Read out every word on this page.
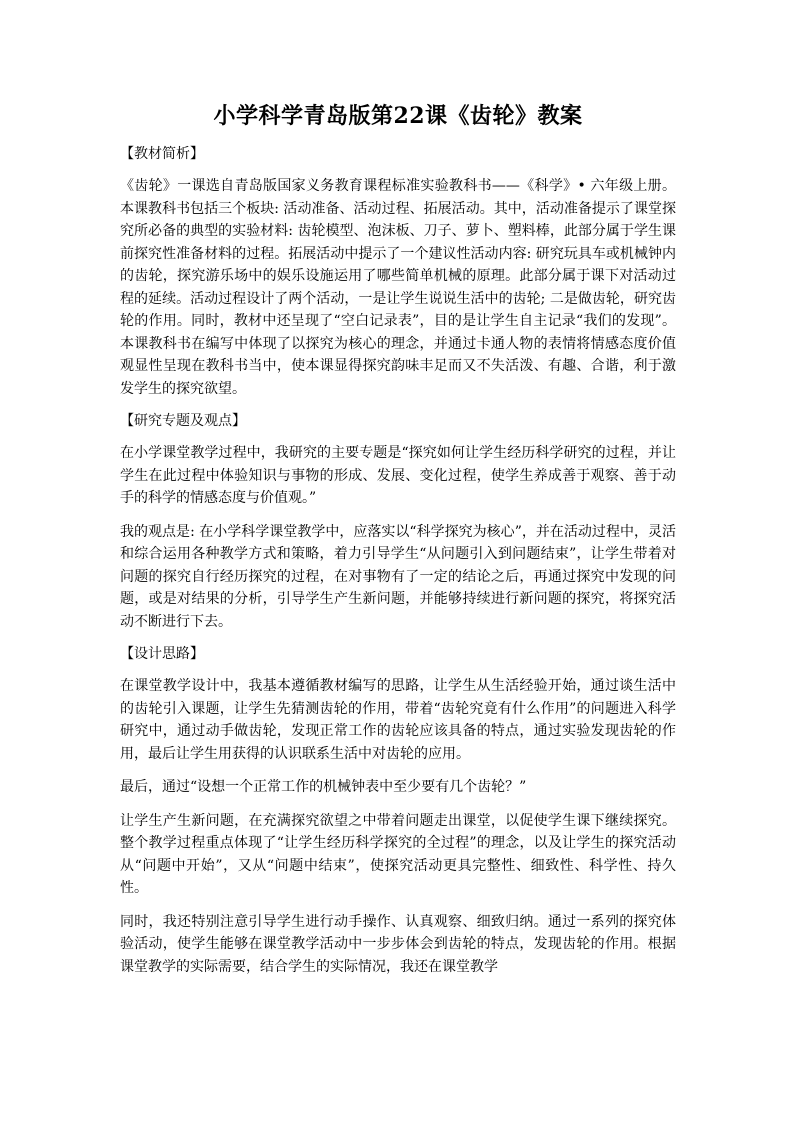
小学科学青岛版第22课《齿轮》教案
【教材简析】

《齿轮》一课选自青岛版国家义务教育课程标准实验教科书——《科学》• 六年级上册。本课教科书包括三个板块: 活动准备、活动过程、拓展活动。其中，活动准备提示了课堂探究所必备的典型的实验材料: 齿轮模型、泡沫板、刀子、萝卜、塑料棒，此部分属于学生课前探究性准备材料的过程。拓展活动中提示了一个建议性活动内容: 研究玩具车或机械钟内的齿轮，探究游乐场中的娱乐设施运用了哪些简单机械的原理。此部分属于课下对活动过程的延续。活动过程设计了两个活动，一是让学生说说生活中的齿轮; 二是做齿轮，研究齿轮的作用。同时，教材中还呈现了“空白记录表”，目的是让学生自主记录“我们的发现”。本课教科书在编写中体现了以探究为核心的理念，并通过卡通人物的表情将情感态度价值观显性呈现在教科书当中，使本课显得探究韵味丰足而又不失活泼、有趣、合谐，利于激发学生的探究欲望。

【研究专题及观点】

在小学课堂教学过程中，我研究的主要专题是“探究如何让学生经历科学研究的过程，并让学生在此过程中体验知识与事物的形成、发展、变化过程，使学生养成善于观察、善于动手的科学的情感态度与价值观。”

我的观点是: 在小学科学课堂教学中，应落实以“科学探究为核心”，并在活动过程中，灵活和综合运用各种教学方式和策略，着力引导学生“从问题引入到问题结束”，让学生带着对问题的探究自行经历探究的过程，在对事物有了一定的结论之后，再通过探究中发现的问题，或是对结果的分析，引导学生产生新问题，并能够持续进行新问题的探究，将探究活动不断进行下去。

【设计思路】

在课堂教学设计中，我基本遵循教材编写的思路，让学生从生活经验开始，通过谈生活中的齿轮引入课题，让学生先猜测齿轮的作用，带着“齿轮究竟有什么作用”的问题进入科学研究中，通过动手做齿轮，发现正常工作的齿轮应该具备的特点，通过实验发现齿轮的作用，最后让学生用获得的认识联系生活中对齿轮的应用。

最后，通过“设想一个正常工作的机械钟表中至少要有几个齿轮？”

让学生产生新问题，在充满探究欲望之中带着问题走出课堂，以促使学生课下继续探究。整个教学过程重点体现了“让学生经历科学探究的全过程”的理念，以及让学生的探究活动从“问题中开始”，又从“问题中结束”，使探究活动更具完整性、细致性、科学性、持久性。

同时，我还特别注意引导学生进行动手操作、认真观察、细致归纳。通过一系列的探究体验活动，使学生能够在课堂教学活动中一步步体会到齿轮的特点，发现齿轮的作用。根据课堂教学的实际需要，结合学生的实际情况，我还在课堂教学
